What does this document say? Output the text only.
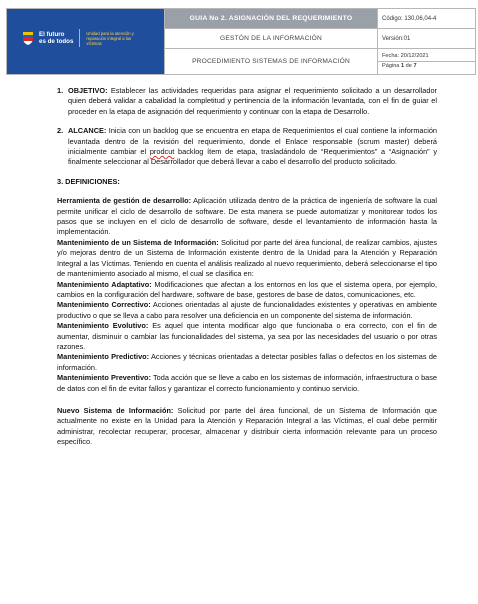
El futuro
es de todos
Unidad para la atención y reparación integral a las víctimas	GUIA No 2. ASIGNACIÓN DEL REQUERIMIENTO	Código: 130,06,04-4
	GESTÓN DE LA INFORMACIÓN	Versión:01
	PROCEDIMIENTO SISTEMAS DE INFORMACIÓN	Fecha: 20/12/2021
Página 1 de 7
1. OBJETIVO: Establecer las actividades requeridas para asignar el requerimiento solicitado a un desarrollador quien deberá validar a cabalidad la completitud y pertinencia de la información levantada, con el fin de guiar el proceder en la etapa de asignación del requerimiento y continuar con la etapa de Desarrollo.

2. ALCANCE: Inicia con un backlog que se encuentra en etapa de Requerimientos el cual contiene la información levantada dentro de la revisión del requerimiento, donde el Enlace responsable (scrum master) deberá inicialmente cambiar el prodcut backlog ítem de etapa, trasladándolo de “Requerimientos” a “Asignación” y finalmente seleccionar al Desarrollador que deberá llevar a cabo el desarrollo del producto solicitado.

3. DEFINICIONES:

Herramienta de gestión de desarrollo: Aplicación utilizada dentro de la práctica de ingeniería de software la cual permite unificar el ciclo de desarrollo de software. De esta manera se puede automatizar y monitorear todos los pasos que se incluyen en el ciclo de desarrollo de software, desde el levantamiento de información hasta la implementación.

Mantenimiento de un Sistema de Información: Solicitud por parte del área funcional, de realizar cambios, ajustes y/o mejoras dentro de un Sistema de Información existente dentro de la Unidad para la Atención y Reparación Integral a las Víctimas. Teniendo en cuenta el análisis realizado al nuevo requerimiento, deberá seleccionarse el tipo de mantenimiento asociado al mismo, el cual se clasifica en:

Mantenimiento Adaptativo: Modificaciones que afectan a los entornos en los que el sistema opera, por ejemplo, cambios en la configuración del hardware, software de base, gestores de base de datos, comunicaciones, etc.

Mantenimiento Correctivo: Acciones orientadas al ajuste de funcionalidades existentes y operativas en ambiente productivo o que se lleva a cabo para resolver una deficiencia en un componente del sistema de información.

Mantenimiento Evolutivo: Es aquel que intenta modificar algo que funcionaba o era correcto, con el fin de aumentar, disminuir o cambiar las funcionalidades del sistema, ya sea por las necesidades del usuario o por otras razones.

Mantenimiento Predictivo: Acciones y técnicas orientadas a detectar posibles fallas o defectos en los sistemas de información.

Mantenimiento Preventivo: Toda acción que se lleve a cabo en los sistemas de información, infraestructura o base de datos con el fin de evitar fallos y garantizar el correcto funcionamiento y continuo servicio.

Nuevo Sistema de Información: Solicitud por parte del área funcional, de un Sistema de Información que actualmente no existe en la Unidad para la Atención y Reparación Integral a las Víctimas, el cual debe permitir administrar, recolectar recuperar, procesar, almacenar y distribuir cierta información relevante para un proceso específico.
